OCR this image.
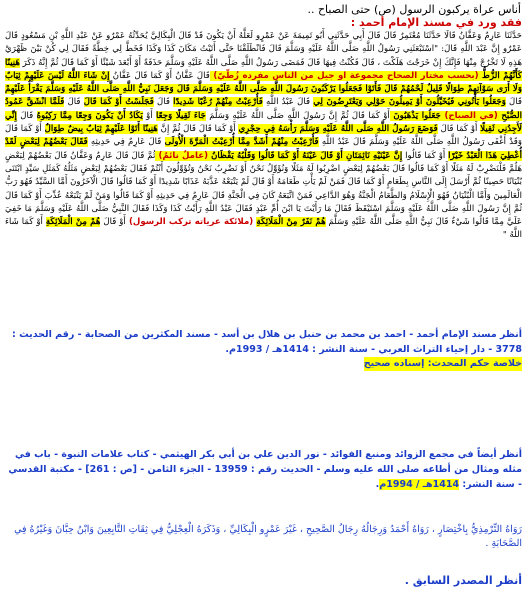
أناس عراة يركبون الرسول (ص) حتى الصباح ..
فقد ورد في مسند الإمام أحمد :
حَدَّثَنَا عَارِمٌ وَعَفَّانُ قَالَا حَدَّثَنَا مُعْتَمِرٌ قَالَ قَالَ أَبِي حَدَّثَنِي أَبُو تَمِيمَةَ عَنْ عَمْرٍو لَعَلَّهُ أَنْ يَكُونَ قَدْ قَالَ الْبِكَالِيَّ يُحَدِّثُهُ عَمْرٌو عَنْ عَبْدِ اللَّهِ بْنِ مَسْعُودٍ قَالَ عَمْرٌو إِنَّ عَبْدَ اللَّهِ قَالَ: "اسْتَبْعَثَنِي رَسُولُ اللَّهِ صَلَّى اللَّهُ عَلَيْهِ وَسَلَّمَ قَالَ فَانْطَلَقْنَا حَتَّى أَتَيْتُ مَكَانَ كَذَا وَكَذَا فَخَطَّ لِي خِطَّةً فَقَالَ لِي كُنْ بَيْنَ ظَهْرَيْ هَذِهِ لَا تَخْرُجْ مِنْهَا فَإِنَّكَ إِنْ خَرَجْتَ هَلَكْتَ ، قَالَ فَكُنْتُ فِيهَا قَالَ فَمَضَى رَسُولُ اللَّهِ صَلَّى اللَّهُ عَلَيْهِ وَسَلَّمَ حَذَفَةً أَوْ أَبْعَدَ شَيْئًا أَوْ كَمَا قَالَ ثُمَّ إِنَّهُ ذَكَرَ هَنِينًا كَأَنَّهُمْ الزُّطُّ (بحسب مختار الصحاح مجموعة او جيل من الناس مفرده زُطّيّ) قَالَ عَفَّانُ أَوْ كَمَا قَالَ عَفَّانُ إِنْ شَاءَ اللَّهُ لَيْسَ عَلَيْهِمْ ثِيَابٌ وَلَا أَرَى سَوْآتِهِمْ طِوَالًا قَلِيلٌ لَحْمُهُمْ قَالَ فَأَتَوْا فَجَعَلُوا يَرْكَبُونَ رَسُولَ اللَّهِ صَلَّى اللَّهُ عَلَيْهِ وَسَلَّمَ قَالَ وَجَعَلَ نَبِيُّ اللَّهِ صَلَّى اللَّهُ عَلَيْهِ وَسَلَّمَ يَقْرَأُ عَلَيْهِمْ قَالَ وَجَعَلُوا يَأْتُونِي فَيُخَيِّلُونَ أَوْ يَمِيلُونَ حَوْلِي وَيَعْتَرِضُونَ لِي قَالَ عَبْدُ اللَّهِ فَأُرْعِبْتُ مِنْهُمْ رُعْبًا شَدِيدًا قَالَ فَجَلَسْتُ أَوْ كَمَا قَالَ قَالَ فَلَمَّا انْشَقَّ عَمُودُ الصُّبْحِ (في الصباح) جَعَلُوا يَذْهَبُونَ أَوْ كَمَا قَالَ ثُمَّ إِنَّ رَسُولَ اللَّهِ صَلَّى اللَّهُ عَلَيْهِ وَسَلَّمَ جَاءَ ثَقِيلًا وَجِعًا أَوْ يَكَادُ أَنْ يَكُونَ وَجِعًا مِمَّا رَكِبُوهُ قَالَ إِنِّي لَأَجِدُنِي ثَقِيلًا أَوْ كَمَا قَالَ فَوَضَعَ رَسُولُ اللَّهِ صَلَّى اللَّهُ عَلَيْهِ وَسَلَّمَ رَأْسَهُ فِي حِجْرِي أَوْ كَمَا قَالَ قَالَ ثُمَّ إِنَّ هَنِينًا أَتَوْا عَلَيْهِمْ ثِيَابٌ بِيضٌ طِوَالٌ أَوْ كَمَا قَالَ وَقَدْ أَغْفَى رَسُولُ اللَّهِ صَلَّى اللَّهُ عَلَيْهِ وَسَلَّمَ قَالَ عَبْدُ اللَّهِ فَأُرْعِبْتُ مِنْهُمْ أَشَدَّ مِمَّا أُرْعِبْتُ الْمَرَّةَ الْأُولَى قَالَ عَارِمٌ فِي حَدِيثِهِ فَقَالَ بَعْضُهُمْ لِبَعْضٍ لَقَدْ أُعْطِيَ هَذَا الْعَبْدُ خَيْرًا أَوْ كَمَا قَالُوا إِنَّ عَيْنَيْهِ نَائِمَتَانِ أَوْ قَالَ عَيْنَهُ أَوْ كَمَا قَالُوا وَقَلْبُهُ يَقْظَانُ (عاملٌ نائمٌ) ثُمَّ قَالَ قَالَ عَارِمٌ وَعَفَّانُ قَالَ بَعْضُهُمْ لِبَعْضٍ هَلُمَّ فَلْنَضْرِبْ لَهُ مَثَلًا أَوْ كَمَا قَالُوا قَالَ بَعْضُهُمْ لِبَعْضٍ اضْرِبُوا لَهُ مَثَلًا وَنُؤَوِّلُ نَحْنُ أَوْ نَضْرِبُ نَحْنُ وَتُؤَوِّلُونَ أَنْتُمْ فَقَالَ بَعْضُهُمْ لِبَعْضٍ مَثَلُهُ كَمَثَلِ سَيِّدٍ ابْتَنَى بُنْيَانًا حَصِينًا ثُمَّ أَرْسَلَ إِلَى النَّاسِ بِطَعَامٍ أَوْ كَمَا قَالَ فَمَنْ لَمْ يَأْتِ طَعَامَهُ أَوْ قَالَ لَمْ يَتْبَعْهُ عَذَّبَهُ عَذَابًا شَدِيدًا أَوْ كَمَا قَالُوا قَالَ الْآخَرُونَ أَمَّا السَّيِّدُ فَهُوَ رَبُّ الْعَالَمِينَ وَأَمَّا الْبُنْيَانُ فَهُوَ الْإِسْلَامُ وَالطَّعَامُ الْجَنَّةُ وَهُوَ الدَّاعِي فَمَنْ اتَّبَعَهُ كَانَ فِي الْجَنَّةِ قَالَ عَارِمٌ فِي حَدِيثِهِ أَوْ كَمَا قَالُوا وَمَنْ لَمْ يَتْبَعْهُ عُذِّبَ أَوْ كَمَا قَالَ ثُمَّ إِنَّ رَسُولَ اللَّهِ صَلَّى اللَّهُ عَلَيْهِ وَسَلَّمَ اسْتَيْقَظَ فَقَالَ مَا رَأَيْتَ يَا ابْنَ أُمِّ عَبْدٍ فَقَالَ عَبْدُ اللَّهِ رَأَيْتُ كَذَا وَكَذَا فَقَالَ النَّبِيُّ صَلَّى اللَّهُ عَلَيْهِ وَسَلَّمَ مَا خَفِيَ عَلَيَّ مِمَّا قَالُوا شَيْءٌ قَالَ نَبِيُّ اللَّهِ صَلَّى اللَّهُ عَلَيْهِ وَسَلَّمَ هُمْ نَفَرٌ مِنْ الْمَلَائِكَةِ (ملائكة عرياته تركب الرسول) أَوْ قَالَ هُمْ مِنْ الْمَلَائِكَةِ أَوْ كَمَا شَاءَ اللَّهُ "
أنظر مسند الإمام أحمد - احمد بن محمد بن حنبل بن هلال بن أسد - مسند المكثرين من الصحابة - رقم الحديث : 3778 - دار إحياء التراث العربي - سنة النشر : 1414هـ / 1993م.
خلاصة حكم المحدث: إسناده صحيح
أنظر أيضاً في مجمع الزوائد ومنبع الفوائد - نور الدين علي بن أبي بكر الهيثمي - كتاب علامات النبوة - باب في مثله ومثال من أطاعه صلى الله عليه وسلم - الحديث رقم : 13959 - الجزء الثامن - [ص : 261] - مكتبة القدسي - سنة النشر: 1414هـ / 1994م.
رَوَاهُ التِّرْمِذِيُّ بِاخْتِصَارٍ ، رَوَاهُ أَحْمَدُ وَرِجَالُهُ رِجَالُ الصَّحِيحِ ، غَيْرَ عَمْرٍو الْبِكَالِيِّ ، وَذَكَرَهُ الْعِجْلِيُّ فِي ثِقَاتِ التَّابِعِينَ وَابْنُ حِبَّانَ وَغَيْرُهُ فِي الصَّحَابَةِ .
أنظر المصدر السابق .
